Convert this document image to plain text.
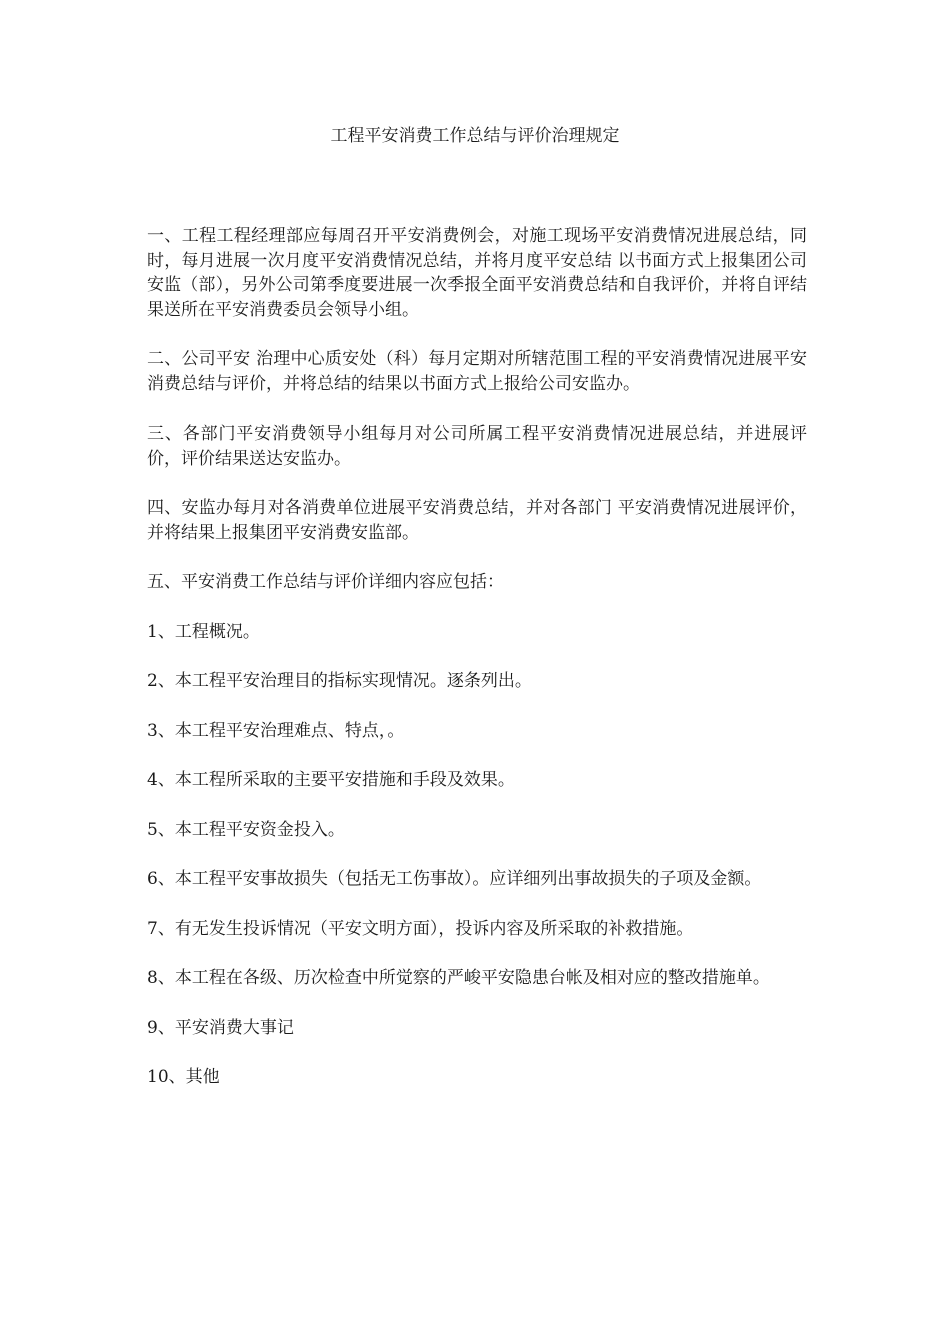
工程平安消费工作总结与评价治理规定

一、工程工程经理部应每周召开平安消费例会，对施工现场平安消费情况进展总结，同时，每月进展一次月度平安消费情况总结，并将月度平安总结 以书面方式上报集团公司安监（部），另外公司第季度要进展一次季报全面平安消费总结和自我评价，并将自评结果送所在平安消费委员会领导小组。

二、公司平安 治理中心质安处（科）每月定期对所辖范围工程的平安消费情况进展平安消费总结与评价，并将总结的结果以书面方式上报给公司安监办。

三、各部门平安消费领导小组每月对公司所属工程平安消费情况进展总结，并进展评价，评价结果送达安监办。

四、安监办每月对各消费单位进展平安消费总结，并对各部门 平安消费情况进展评价，并将结果上报集团平安消费安监部。

五、平安消费工作总结与评价详细内容应包括：

1、工程概况。

2、本工程平安治理目的指标实现情况。逐条列出。

3、本工程平安治理难点、特点，。

4、本工程所采取的主要平安措施和手段及效果。

5、本工程平安资金投入。

6、本工程平安事故损失（包括无工伤事故）。应详细列出事故损失的子项及金额。

7、有无发生投诉情况（平安文明方面），投诉内容及所采取的补救措施。

8、本工程在各级、历次检查中所觉察的严峻平安隐患台帐及相对应的整改措施单。

9、平安消费大事记

10、其他
